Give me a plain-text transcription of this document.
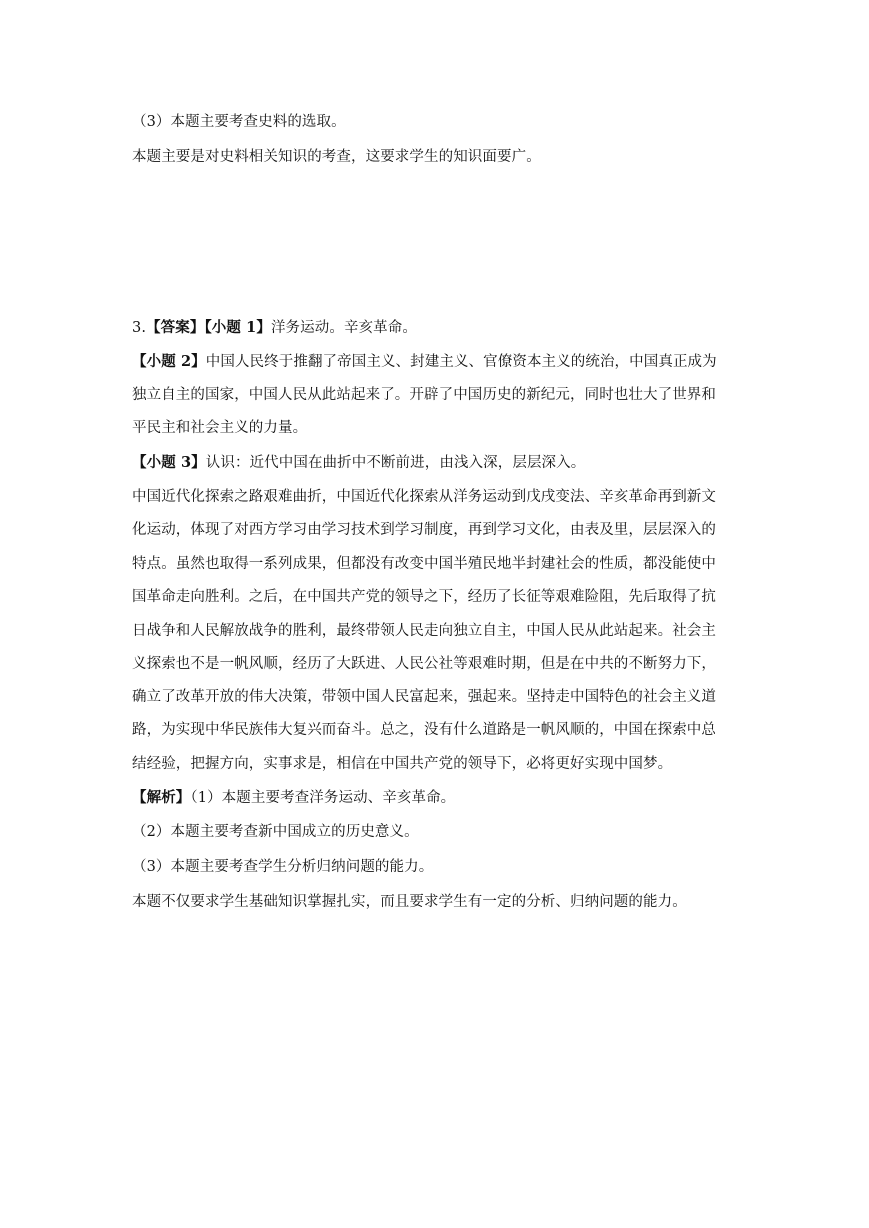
（3）本题主要考查史料的选取。
本题主要是对史料相关知识的考查，这要求学生的知识面要广。
3.【答案】【小题 1】洋务运动。辛亥革命。
【小题 2】中国人民终于推翻了帝国主义、封建主义、官僚资本主义的统治，中国真正成为
独立自主的国家，中国人民从此站起来了。开辟了中国历史的新纪元，同时也壮大了世界和
平民主和社会主义的力量。
【小题 3】认识：近代中国在曲折中不断前进，由浅入深，层层深入。
中国近代化探索之路艰难曲折，中国近代化探索从洋务运动到戊戌变法、辛亥革命再到新文
化运动，体现了对西方学习由学习技术到学习制度，再到学习文化，由表及里，层层深入的
特点。虽然也取得一系列成果，但都没有改变中国半殖民地半封建社会的性质，都没能使中
国革命走向胜利。之后，在中国共产党的领导之下，经历了长征等艰难险阻，先后取得了抗
日战争和人民解放战争的胜利，最终带领人民走向独立自主，中国人民从此站起来。社会主
义探索也不是一帆风顺，经历了大跃进、人民公社等艰难时期，但是在中共的不断努力下，
确立了改革开放的伟大决策，带领中国人民富起来，强起来。坚持走中国特色的社会主义道
路，为实现中华民族伟大复兴而奋斗。总之，没有什么道路是一帆风顺的，中国在探索中总
结经验，把握方向，实事求是，相信在中国共产党的领导下，必将更好实现中国梦。
【解析】（1）本题主要考查洋务运动、辛亥革命。
（2）本题主要考查新中国成立的历史意义。
（3）本题主要考查学生分析归纳问题的能力。
本题不仅要求学生基础知识掌握扎实，而且要求学生有一定的分析、归纳问题的能力。
